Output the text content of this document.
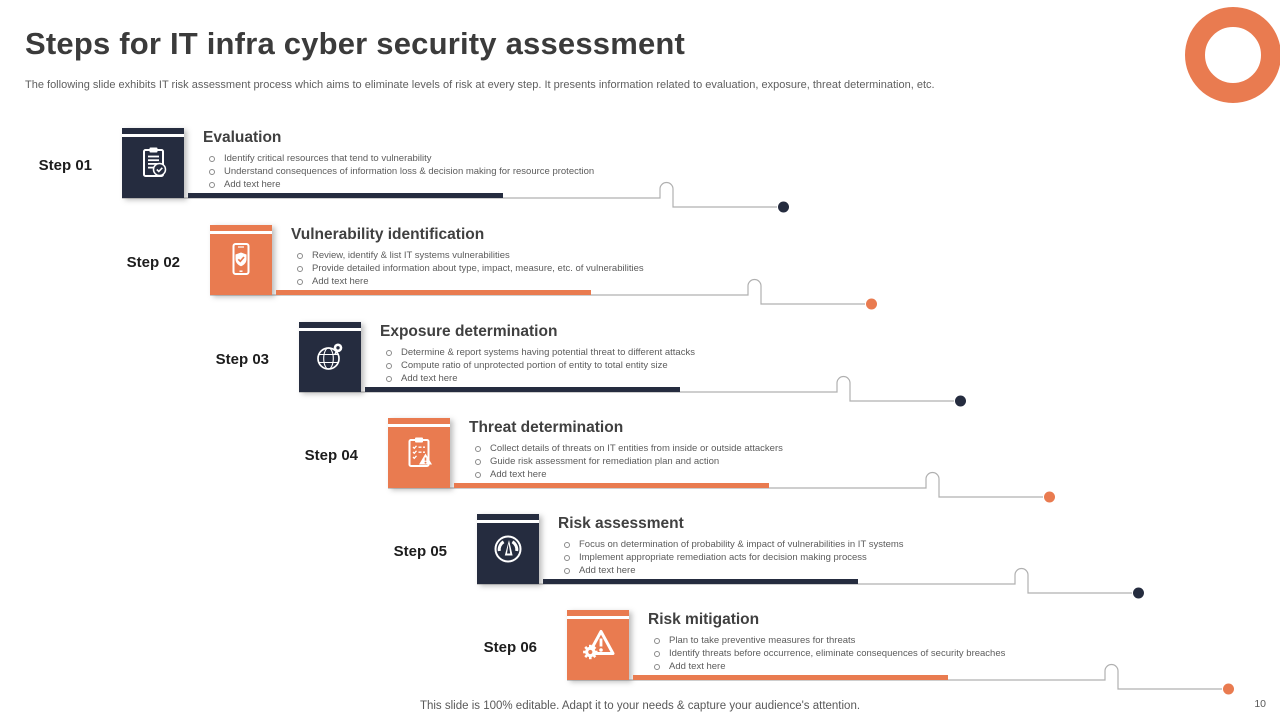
Steps for IT infra cyber security assessment
The following slide exhibits IT risk assessment process which aims to eliminate levels of risk at every step. It presents information related to evaluation, exposure, threat determination, etc.
Step 01
Evaluation
Identify critical resources that tend to vulnerability
Understand consequences of information loss & decision making for resource protection
Add text here
Step 02
Vulnerability identification
Review, identify & list IT systems vulnerabilities
Provide detailed information about type, impact, measure, etc. of vulnerabilities
Add text here
Step 03
Exposure determination
Determine & report systems having potential threat to different attacks
Compute ratio of unprotected portion of entity to total entity size
Add text here
Step 04
Threat determination
Collect details of threats on IT entities from inside or outside attackers
Guide risk assessment for remediation plan and action
Add text here
Step 05
Risk assessment
Focus on determination of probability & impact of vulnerabilities in IT systems
Implement appropriate remediation acts for decision making process
Add text here
Step 06
Risk mitigation
Plan to take preventive measures for threats
Identify threats before occurrence, eliminate consequences of security breaches
Add text here
This slide is 100% editable. Adapt it to your needs & capture your audience's attention.	10
